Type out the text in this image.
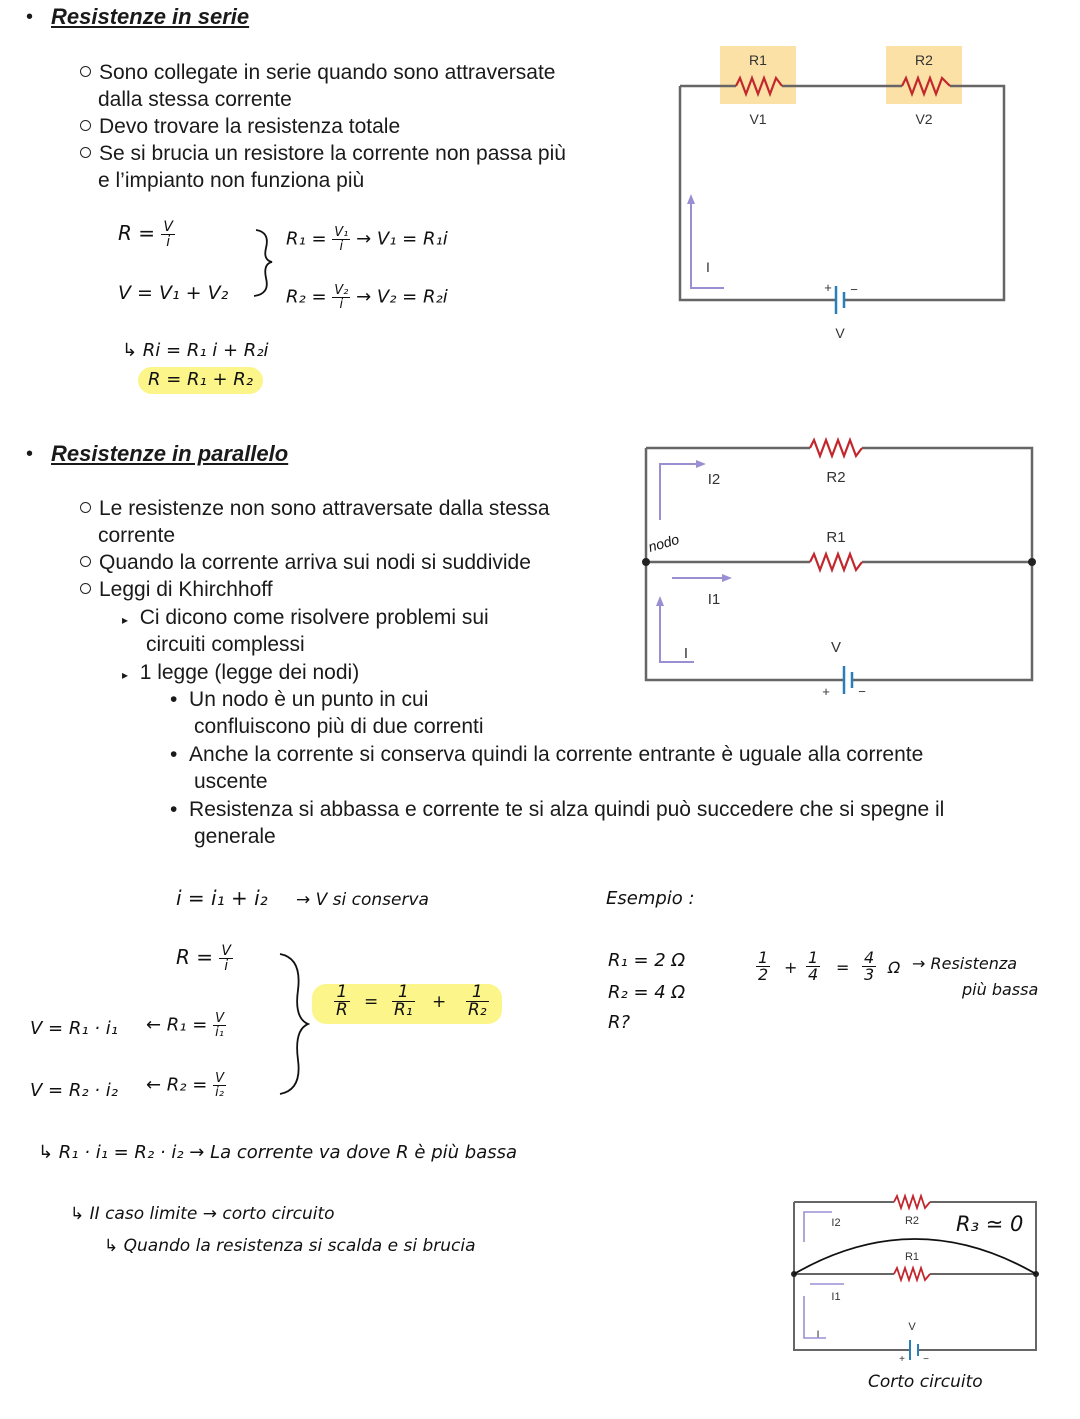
• Resistenze in serie
Sono collegate in serie quando sono attraversate
dalla stessa corrente
Devo trovare la resistenza totale
Se si brucia un resistore la corrente non passa più
e l’impianto non funziona più
$R = \frac{V}{i}$
V = V₁ + V₂
$R_1 = \frac{\text{V₁}}{i} \to V_1 = R_1i$
$R_2 = \frac{\text{V₂}}{i} \to V_2 = R_2i$
↳ Ri = R₁ i + R₂i
R = R₁ + R₂
R1	R2
V1	V2
+ −
V
I
• Resistenze in parallelo
Le resistenze non sono attraversate dalla stessa
corrente
Quando la corrente arriva sui nodi si suddivide
Leggi di Khirchhoff
▸ Ci dicono come risolvere problemi sui
circuiti complessi
▸ 1 legge (legge dei nodi)
•  Un nodo è un punto in cui
confluiscono più di due correnti
•  Anche la corrente si conserva quindi la corrente entrante è uguale alla corrente
uscente
•  Resistenza si abbassa e corrente te si alza quindi può succedere che si spegne il
generale
R2
R1
I2
I1
V
I
nodo
+ −
i = i₁ + i₂ → V si conserva
$R = \frac{V}{i}$
V = R₁ · i₁ ← $R_1 = \frac{V}{\text{i₁}}$
V = R₂ · i₂ ← $R_2 = \frac{V}{\text{i₂}}$
$\frac{1}{R} = \frac{1}{\text{R₁}} + \frac{1}{\text{R₂}}$
↳ R₁ · i₁ = R₂ · i₂ → La corrente va dove R è più bassa
↳ II caso limite → corto circuito
↳ Quando la resistenza si scalda e si brucia
Esempio :
R₁ = 2 Ω
R₂ = 4 Ω
R?
$\frac{1}{2} + \frac{1}{4} = \frac{4}{3}$ Ω → Resistenza
più bassa
R2
R1
I2
I1
I
V
+ −
R₃ ≃ 0
Corto circuito
